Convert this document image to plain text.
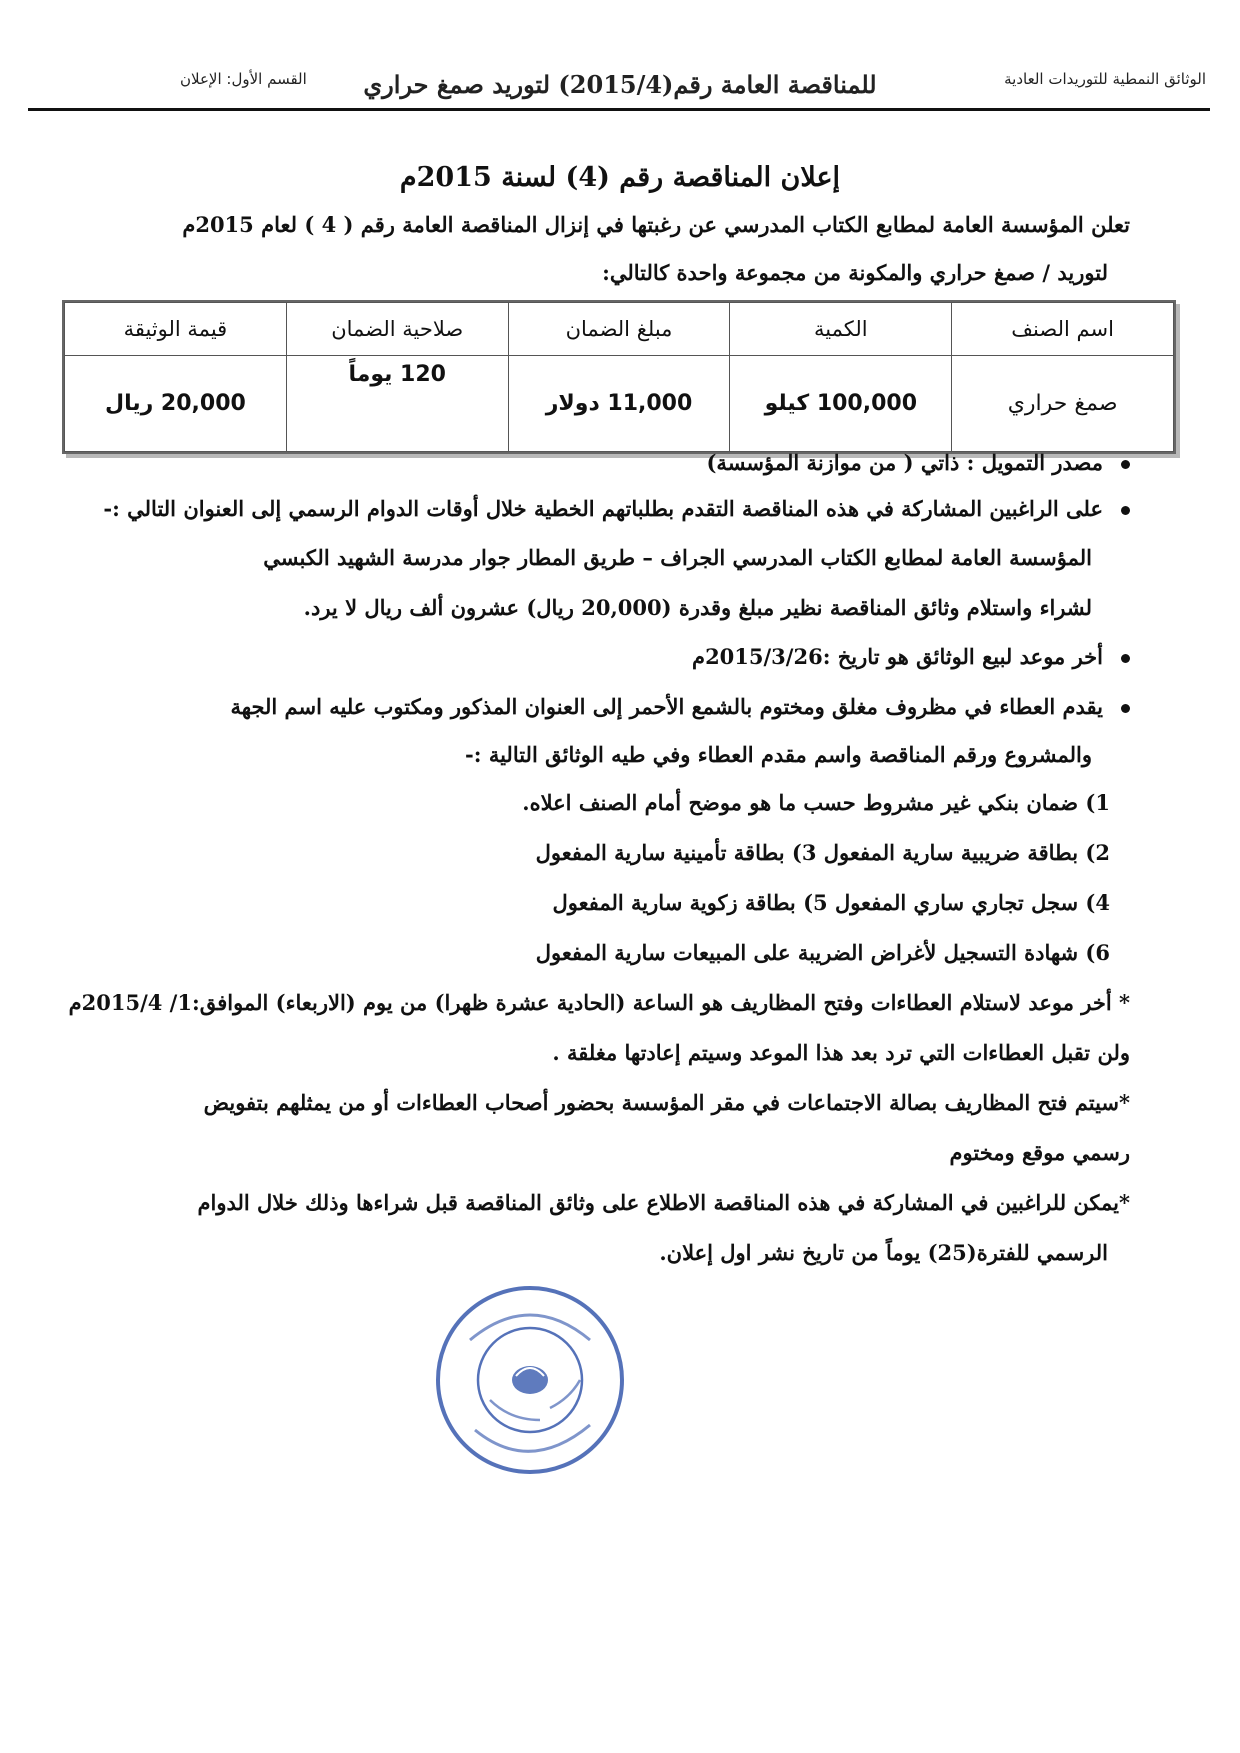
الوثائق النمطية للتوريدات العادية
للمناقصة العامة رقم(2015/4) لتوريد صمغ حراري
القسم الأول: الإعلان
إعلان المناقصة رقم (4) لسنة 2015م
تعلن المؤسسة العامة لمطابع الكتاب المدرسي عن رغبتها في إنزال المناقصة العامة رقم ( 4 ) لعام 2015م
لتوريد / صمغ حراري والمكونة من مجموعة واحدة كالتالي:
اسم الصنف	الكمية	مبلغ الضمان	صلاحية الضمان	قيمة الوثيقة
صمغ حراري	100,000 كيلو	11,000 دولار	120 يوماً	20,000 ريال
مصدر التمويل : ذاتي ( من موازنة المؤسسة)
على الراغبين المشاركة في هذه المناقصة التقدم بطلباتهم الخطية خلال أوقات الدوام الرسمي إلى العنوان التالي :-
المؤسسة العامة لمطابع الكتاب المدرسي الجراف – طريق المطار جوار مدرسة الشهيد الكبسي
لشراء واستلام وثائق المناقصة نظير مبلغ وقدرة (20,000 ريال) عشرون ألف ريال لا يرد.
أخر موعد لبيع الوثائق هو تاريخ :2015/3/26م
يقدم العطاء في مظروف مغلق ومختوم بالشمع الأحمر إلى العنوان المذكور ومكتوب عليه اسم الجهة
والمشروع ورقم المناقصة واسم مقدم العطاء وفي طيه الوثائق التالية :-
1) ضمان بنكي غير مشروط حسب ما هو موضح أمام الصنف اعلاه.
2) بطاقة ضريبية سارية المفعول 3) بطاقة تأمينية سارية المفعول
4) سجل تجاري ساري المفعول 5) بطاقة زكوية سارية المفعول
6) شهادة التسجيل لأغراض الضريبة على المبيعات سارية المفعول
* أخر موعد لاستلام العطاءات وفتح المظاريف هو الساعة (الحادية عشرة ظهرا) من يوم (الاربعاء) الموافق:1/ 2015/4م
ولن تقبل العطاءات التي ترد بعد هذا الموعد وسيتم إعادتها مغلقة .
*سيتم فتح المظاريف بصالة الاجتماعات في مقر المؤسسة بحضور أصحاب العطاءات أو من يمثلهم بتفويض
رسمي موقع ومختوم
*يمكن للراغبين في المشاركة في هذه المناقصة الاطلاع على وثائق المناقصة قبل شراءها وذلك خلال الدوام
الرسمي للفترة(25) يوماً من تاريخ نشر اول إعلان.
